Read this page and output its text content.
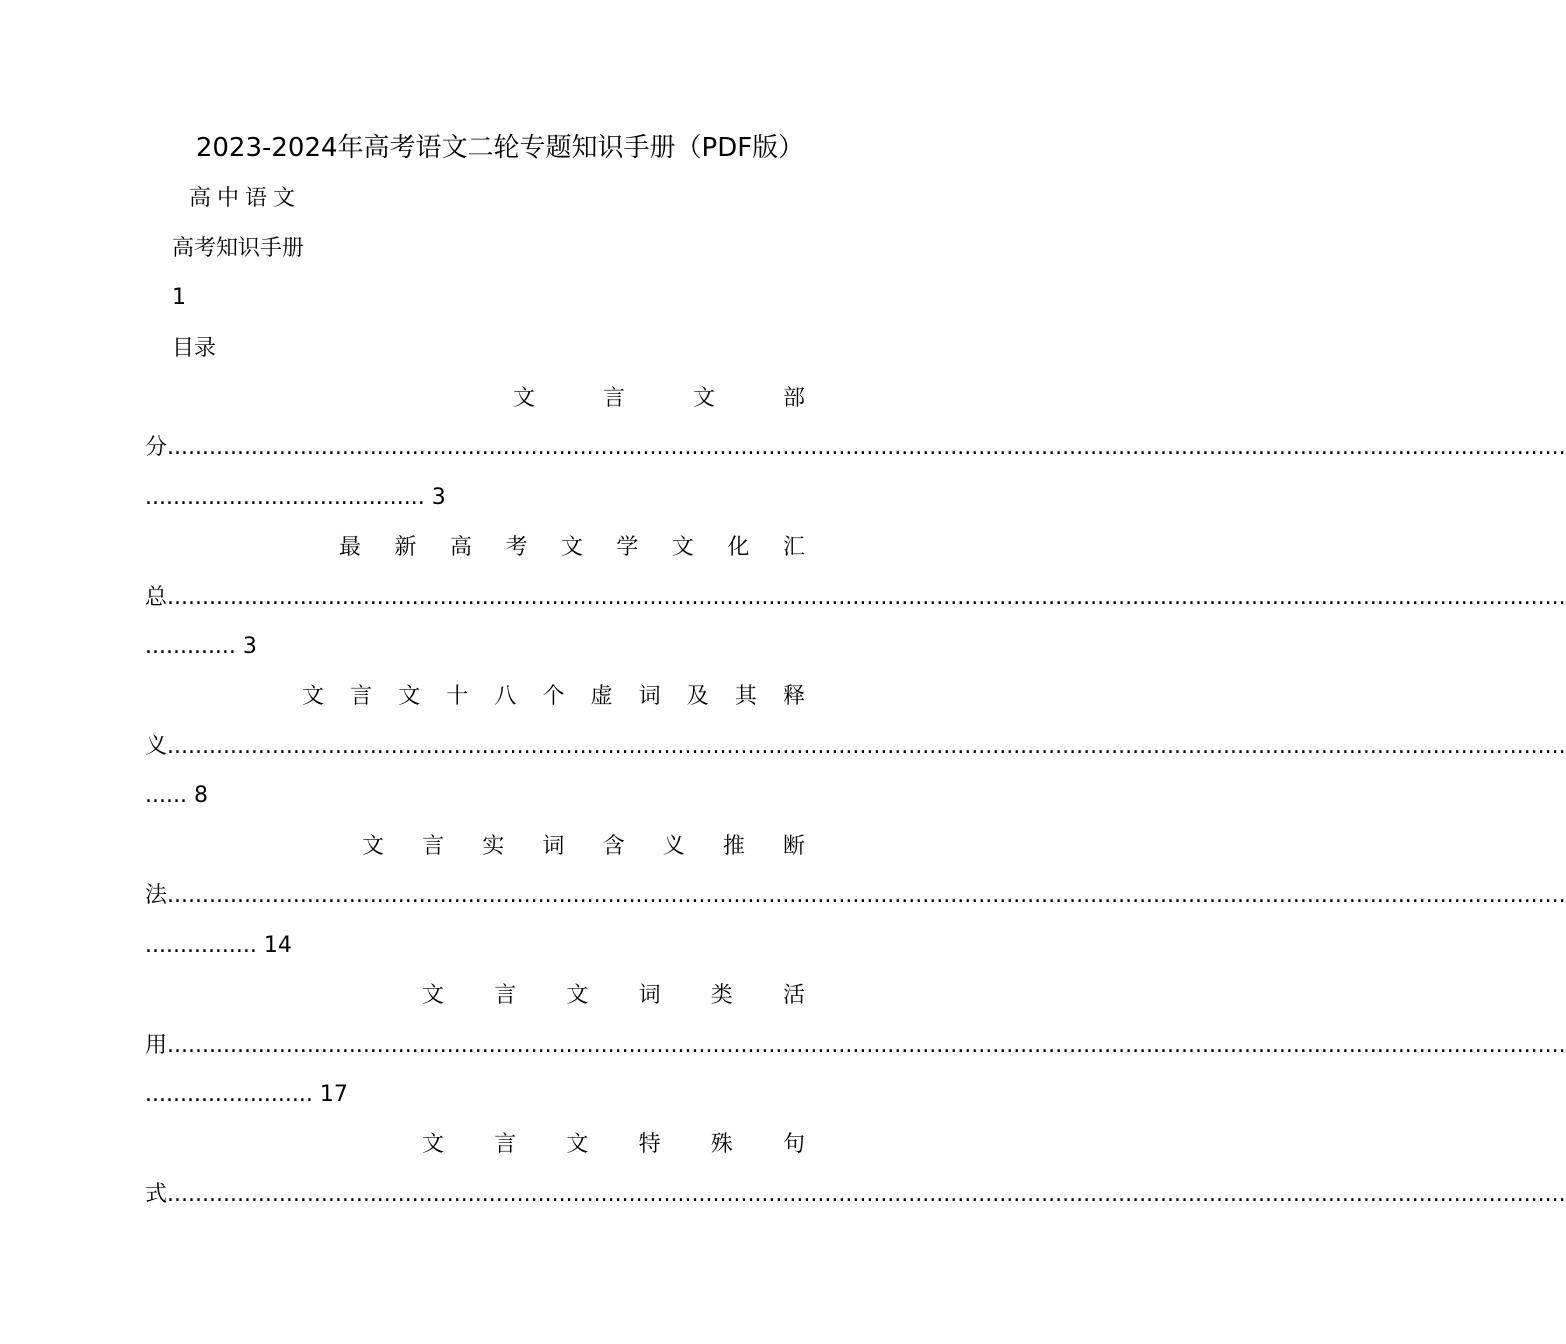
2023-2024年高考语文二轮专题知识手册（PDF版）
高中语文
高考知识手册
1
目录
文	言	文	部
分........................................................................................................................................................................................................
........................................ 3
最 新 高 考 文 学 文 化 汇
总........................................................................................................................................................................................................
............. 3
文 言 文 十 八 个 虚 词 及 其 释
义........................................................................................................................................................................................................
...... 8
文 言 实 词 含 义 推 断
法........................................................................................................................................................................................................
................ 14
文 言 文 词 类 活
用........................................................................................................................................................................................................
........................ 17
文 言 文 特 殊 句
式........................................................................................................................................................................................................
